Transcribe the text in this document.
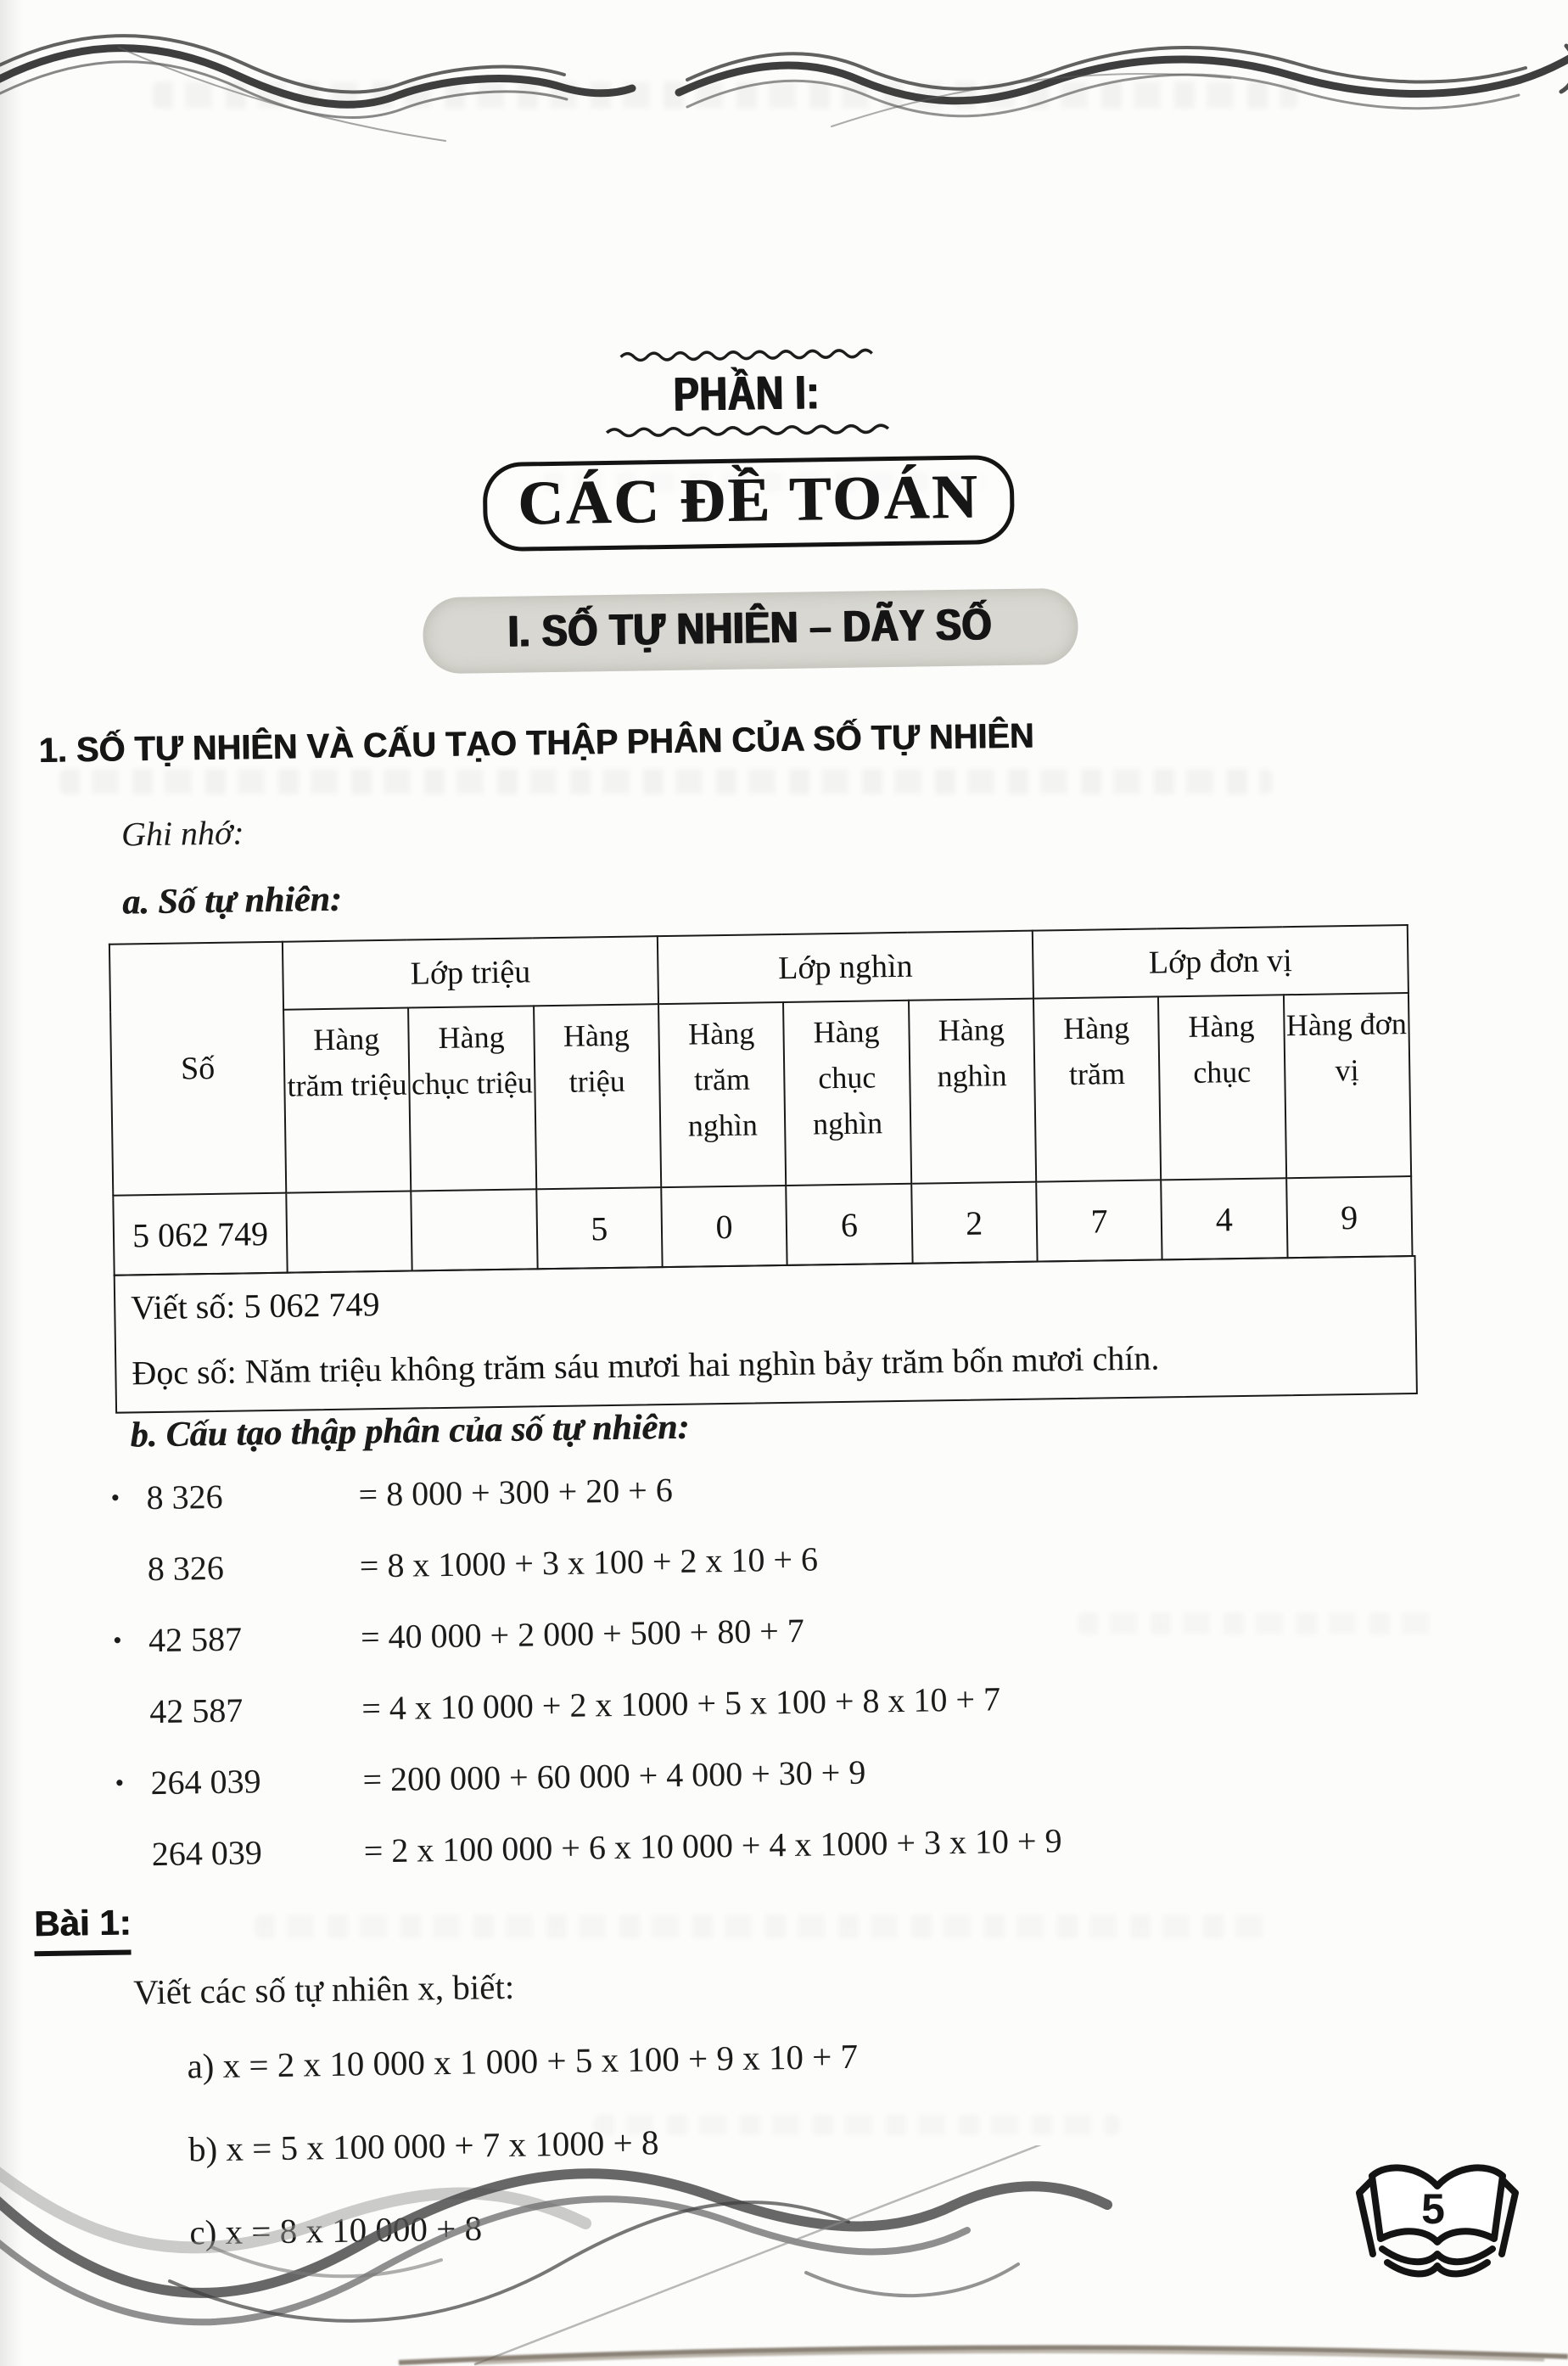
PHẦN I:
CÁC ĐỀ TOÁN
I. SỐ TỰ NHIÊN – DÃY SỐ
1. SỐ TỰ NHIÊN VÀ CẤU TẠO THẬP PHÂN CỦA SỐ TỰ NHIÊN
Ghi nhớ:
a. Số tự nhiên:
Số	Lớp triệu			Lớp nghìn			Lớp đơn vị		
	Hàng trăm triệu	Hàng chục triệu	Hàng triệu	Hàng trăm nghìn	Hàng chục nghìn	Hàng nghìn	Hàng trăm	Hàng chục	Hàng đơn vị
5 062 749			5	0	6	2	7	4	9
Viết số: 5 062 749
Đọc số: Năm triệu không trăm sáu mươi hai nghìn bảy trăm bốn mươi chín.
b. Cấu tạo thập phân của số tự nhiên:
• 8 326	= 8 000 + 300 + 20 + 6
8 326	= 8 x 1000 + 3 x 100 + 2 x 10 + 6
• 42 587	= 40 000 + 2 000 + 500 + 80 + 7
42 587	= 4 x 10 000 + 2 x 1000 + 5 x 100 + 8 x 10 + 7
• 264 039	= 200 000 + 60 000 + 4 000 + 30 + 9
264 039	= 2 x 100 000 + 6 x 10 000 + 4 x 1000 + 3 x 10 + 9
Bài 1:
Viết các số tự nhiên x, biết:
a) x = 2 x 10 000 x 1 000 + 5 x 100 + 9 x 10 + 7
b) x = 5 x 100 000 + 7 x 1000 + 8
c) x = 8 x 10 000 + 8	5
